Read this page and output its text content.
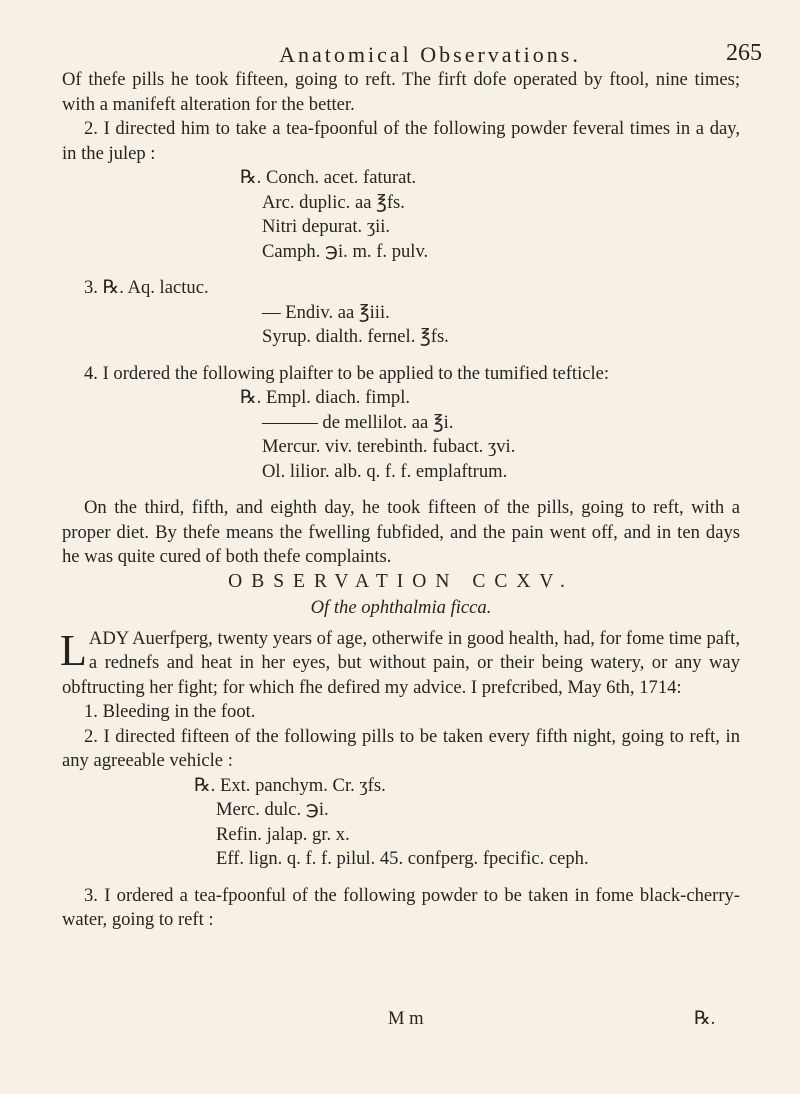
Anatomical Observations.	265

Of thefe pills he took fifteen, going to reft. The firft dofe operated by ftool, nine times; with a manifeft alteration for the better.

2. I directed him to take a tea-fpoonful of the following powder feveral times in a day, in the julep :

℞. Conch. acet. faturat.
Arc. duplic. aa ℥fs.
Nitri depurat. ʒii.
Camph. ℈i. m. f. pulv.
3. ℞. Aq. lactuc.
— Endiv. aa ℥iii.
Syrup. dialth. fernel. ℥fs.

4. I ordered the following plaifter to be applied to the tumified tefticle:

℞. Empl. diach. fimpl.
——— de mellilot. aa ℥i.
Mercur. viv. terebinth. fubact. ʒvi.
Ol. lilior. alb. q. f. f. emplaftrum.

On the third, fifth, and eighth day, he took fifteen of the pills, going to reft, with a proper diet. By thefe means the fwelling fubfided, and the pain went off, and in ten days he was quite cured of both thefe complaints.

OBSERVATION CCXV.

Of the ophthalmia ficca.

LADY Auerfperg, twenty years of age, otherwife in good health, had, for fome time paft, a rednefs and heat in her eyes, but without pain, or their being watery, or any way obftructing her fight; for which fhe defired my advice. I prefcribed, May 6th, 1714:

1. Bleeding in the foot.

2. I directed fifteen of the following pills to be taken every fifth night, going to reft, in any agreeable vehicle :

℞. Ext. panchym. Cr. ʒfs.
Merc. dulc. ℈i.
Refin. jalap. gr. x.
Eff. lign. q. f. f. pilul. 45. confperg. fpecific. ceph.

3. I ordered a tea-fpoonful of the following powder to be taken in fome black-cherry-water, going to reft :

M m	℞.
